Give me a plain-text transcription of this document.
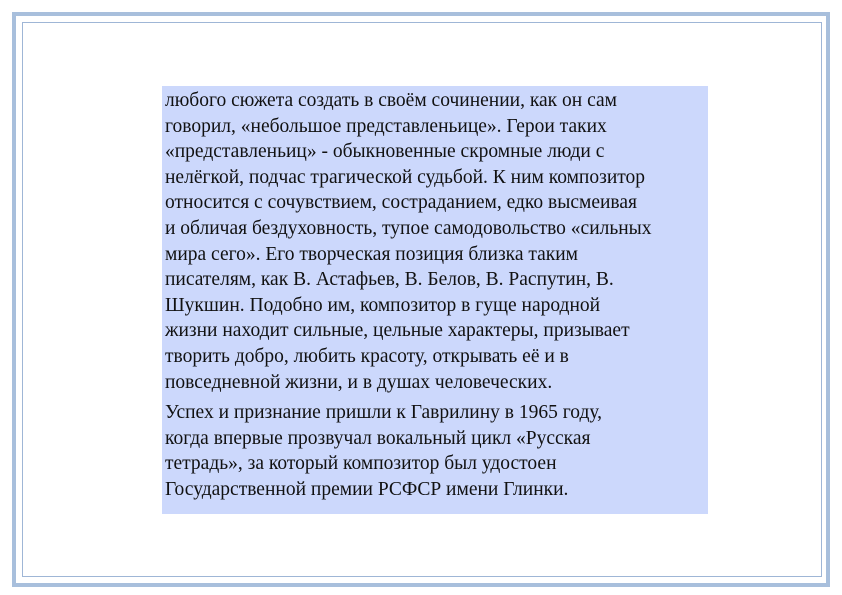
любого сюжета создать в своём сочинении, как он сам
говорил, «небольшое представленьице». Герои таких
«представленьиц» - обыкновенные скромные люди с
нелёгкой, подчас трагической судьбой. К ним композитор
относится с сочувствием, состраданием, едко высмеивая
и обличая бездуховность, тупое самодовольство «сильных
мира сего». Его творческая позиция близка таким
писателям, как В. Астафьев, В. Белов, В. Распутин, В.
Шукшин. Подобно им, композитор в гуще народной
жизни находит сильные, цельные характеры, призывает
творить добро, любить красоту, открывать её и в
повседневной жизни, и в душах человеческих.

Успех и признание пришли к Гаврилину в 1965 году,
когда впервые прозвучал вокальный цикл «Русская
тетрадь», за который композитор был удостоен
Государственной премии РСФСР имени Глинки.
